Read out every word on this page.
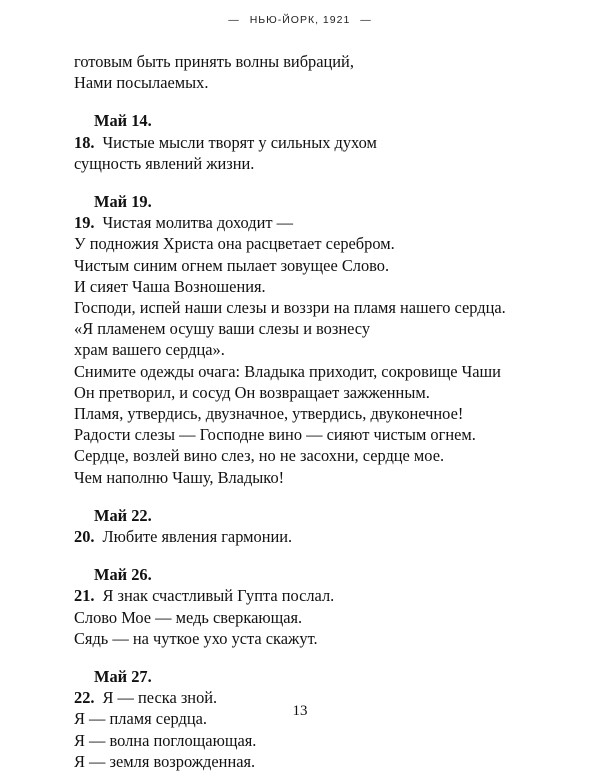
— НЬЮ-ЙОРК, 1921 —
готовым быть принять волны вибраций,
Нами посылаемых.
Май 14.
18. Чистые мысли творят у сильных духом
сущность явлений жизни.
Май 19.
19. Чистая молитва доходит —
У подножия Христа она расцветает серебром.
Чистым синим огнем пылает зовущее Слово.
И сияет Чаша Вознoшения.
Господи, испей наши слезы и воззри на пламя нашего сердца.
«Я пламенем осушу ваши слезы и вознесу
храм вашего сердца».
Снимите одежды очага: Владыка приходит, сокровище Чаши
Он претворил, и сосуд Он возвращает зажженным.
Пламя, утвердись, двузначное, утвердись, двуконечное!
Радости слезы — Господне вино — сияют чистым огнем.
Сердце, возлей вино слез, но не засохни, сердце мое.
Чем наполню Чашу, Владыко!
Май 22.
20. Любите явления гармонии.
Май 26.
21. Я знак счастливый Гупта послал.
Слово Мое — медь сверкающая.
Сядь — на чуткое ухо уста скажут.
Май 27.
22. Я — песка зной.
Я — пламя сердца.
Я — волна поглощающая.
Я — земля возрожденная.
13
